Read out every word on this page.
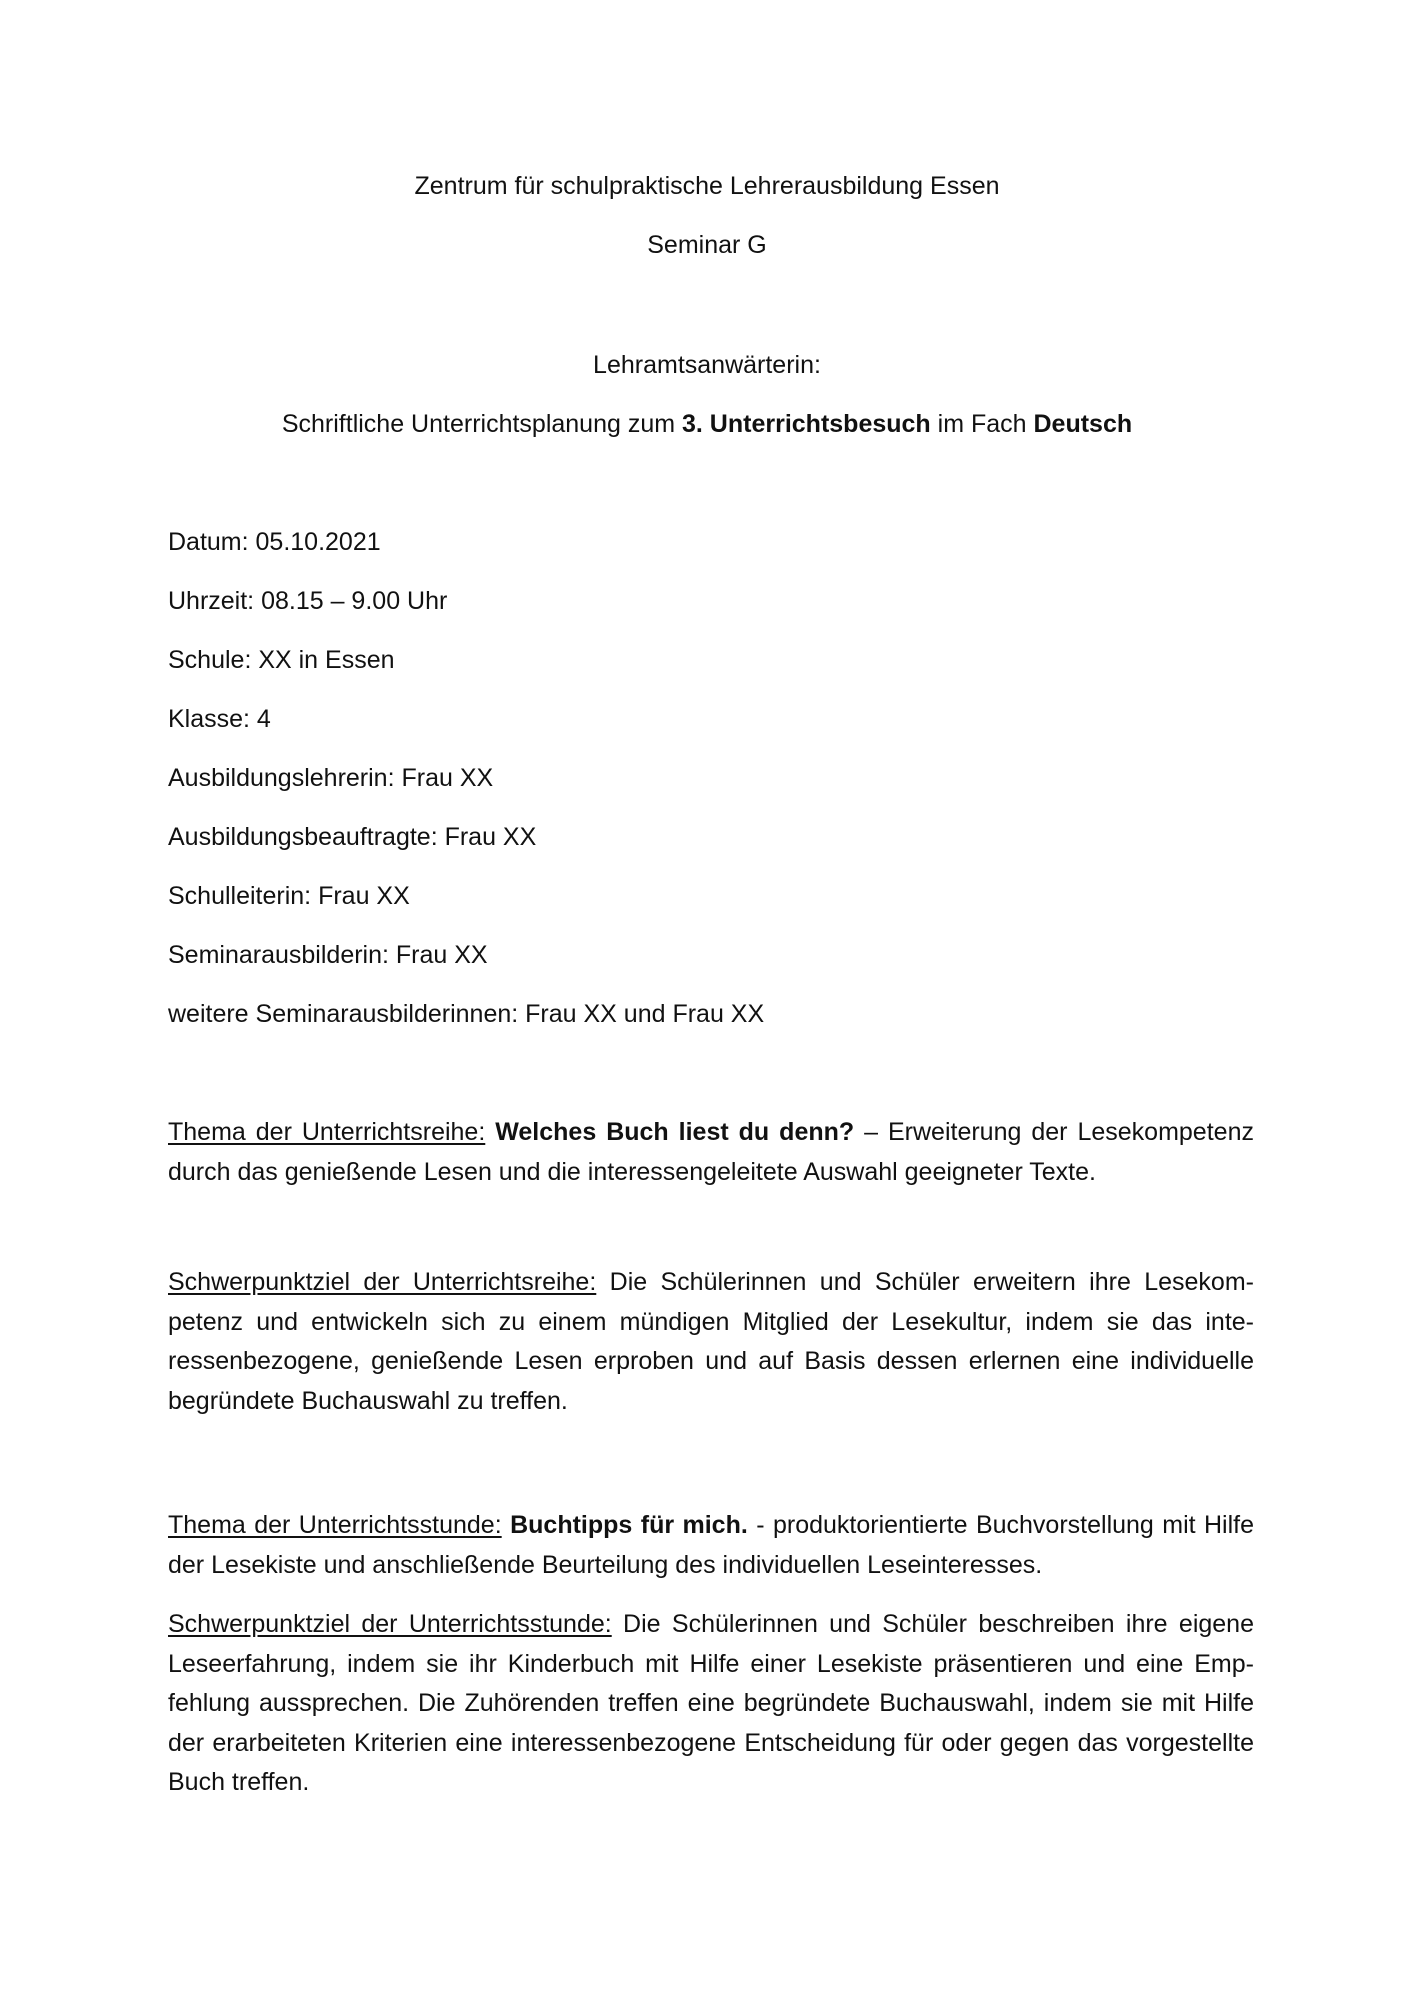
Zentrum für schulpraktische Lehrerausbildung Essen
Seminar G
Lehramtsanwärterin:
Schriftliche Unterrichtsplanung zum 3. Unterrichtsbesuch im Fach Deutsch
Datum: 05.10.2021
Uhrzeit: 08.15 – 9.00 Uhr
Schule: XX in Essen
Klasse: 4
Ausbildungslehrerin: Frau XX
Ausbildungsbeauftragte: Frau XX
Schulleiterin: Frau XX
Seminarausbilderin: Frau XX
weitere Seminarausbilderinnen: Frau XX und Frau XX
Thema der Unterrichtsreihe: Welches Buch liest du denn? – Erweiterung der Lesekompetenz durch das genießende Lesen und die interessengeleitete Auswahl geeigneter Texte.
Schwerpunktziel der Unterrichtsreihe: Die Schülerinnen und Schüler erweitern ihre Lesekompetenz und entwickeln sich zu einem mündigen Mitglied der Lesekultur, indem sie das interessenbezogene, genießende Lesen erproben und auf Basis dessen erlernen eine individuelle begründete Buchauswahl zu treffen.
Thema der Unterrichtsstunde: Buchtipps für mich. - produktorientierte Buchvorstellung mit Hilfe der Lesekiste und anschließende Beurteilung des individuellen Leseinteresses.
Schwerpunktziel der Unterrichtsstunde: Die Schülerinnen und Schüler beschreiben ihre eigene Leseerfahrung, indem sie ihr Kinderbuch mit Hilfe einer Lesekiste präsentieren und eine Empfehlung aussprechen. Die Zuhörenden treffen eine begründete Buchauswahl, indem sie mit Hilfe der erarbeiteten Kriterien eine interessenbezogene Entscheidung für oder gegen das vorgestellte Buch treffen.
